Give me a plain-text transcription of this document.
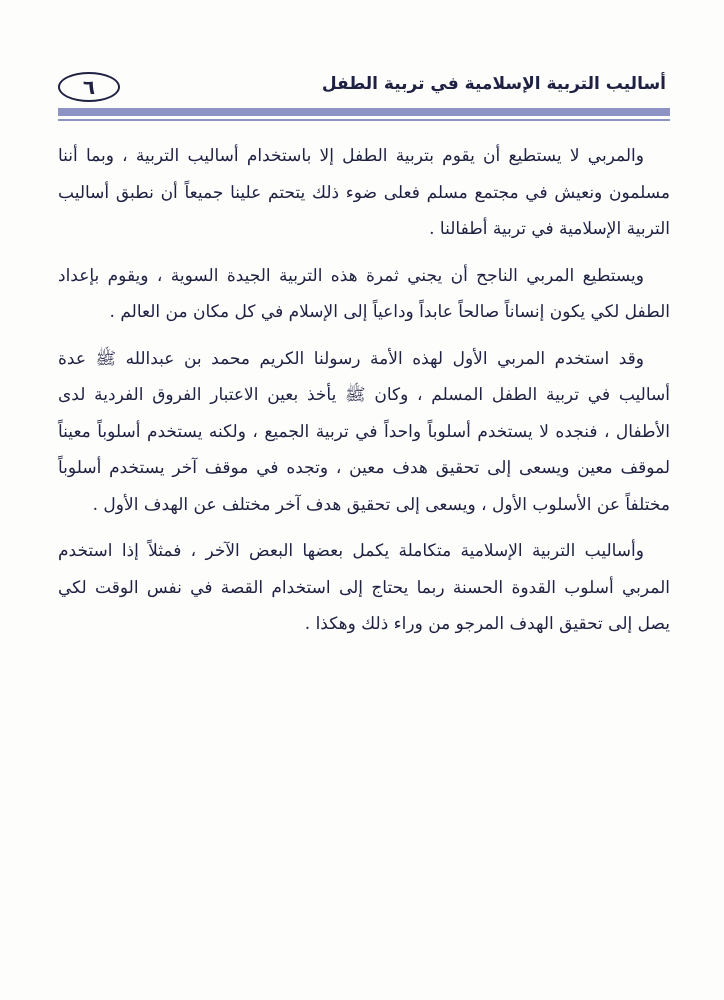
٦	أساليب التربية الإسلامية في تربية الطفل

والمربي لا يستطيع أن يقوم بتربية الطفل إلا باستخدام أساليب التربية ، وبما أننا مسلمون ونعيش في مجتمع مسلم فعلى ضوء ذلك يتحتم علينا جميعاً أن نطبق أساليب التربية الإسلامية في تربية أطفالنا .

ويستطيع المربي الناجح أن يجني ثمرة هذه التربية الجيدة السوية ، ويقوم بإعداد الطفل لكي يكون إنساناً صالحاً عابداً وداعياً إلى الإسلام في كل مكان من العالم .

وقد استخدم المربي الأول لهذه الأمة رسولنا الكريم محمد بن عبدالله ﷺ عدة أساليب في تربية الطفل المسلم ، وكان ﷺ يأخذ بعين الاعتبار الفروق الفردية لدى الأطفال ، فنجده لا يستخدم أسلوباً واحداً في تربية الجميع ، ولكنه يستخدم أسلوباً معيناً لموقف معين ويسعى إلى تحقيق هدف معين ، وتجده في موقف آخر يستخدم أسلوباً مختلفاً عن الأسلوب الأول ، ويسعى إلى تحقيق هدف آخر مختلف عن الهدف الأول .

وأساليب التربية الإسلامية متكاملة يكمل بعضها البعض الآخر ، فمثلاً إذا استخدم المربي أسلوب القدوة الحسنة ربما يحتاج إلى استخدام القصة في نفس الوقت لكي يصل إلى تحقيق الهدف المرجو من وراء ذلك وهكذا .
